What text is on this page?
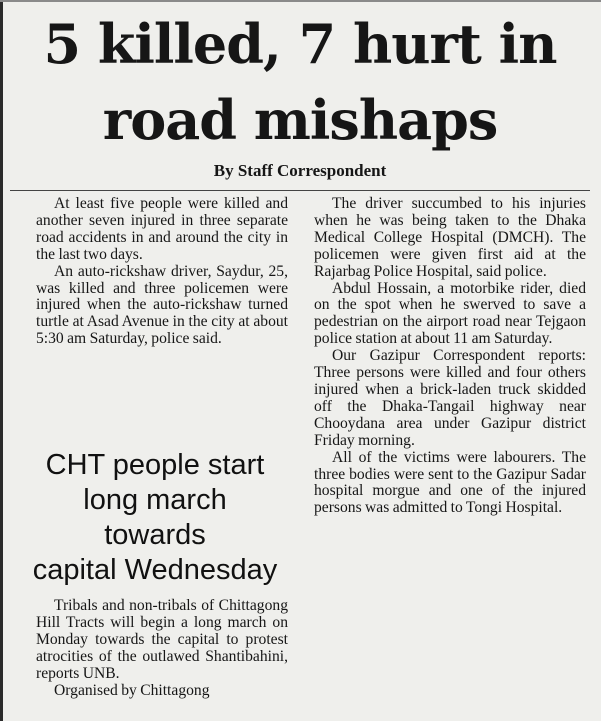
5 killed, 7 hurt in
road mishaps
By Staff Correspondent

At least five people were killed and another seven injured in three separate road accidents in and around the city in the last two days.

An auto-rickshaw driver, Saydur, 25, was killed and three policemen were injured when the auto-rickshaw turned turtle at Asad Avenue in the city at about 5:30 am Saturday, police said.

CHT people start
long march
towards
capital Wednesday

Tribals and non-tribals of Chittagong Hill Tracts will begin a long march on Monday towards the capital to protest atrocities of the outlawed Shantibahini, reports UNB.

Organised by Chittagong

The driver succumbed to his injuries when he was being taken to the Dhaka Medical College Hospital (DMCH). The policemen were given first aid at the Rajarbag Police Hospital, said police.

Abdul Hossain, a motorbike rider, died on the spot when he swerved to save a pedestrian on the airport road near Tejgaon police station at about 11 am Saturday.

Our Gazipur Correspondent reports: Three persons were killed and four others injured when a brick-laden truck skidded off the Dhaka-Tangail highway near Chooydana area under Gazipur district Friday morning.

All of the victims were labourers. The three bodies were sent to the Gazipur Sadar hospital morgue and one of the injured persons was admitted to Tongi Hospital.
